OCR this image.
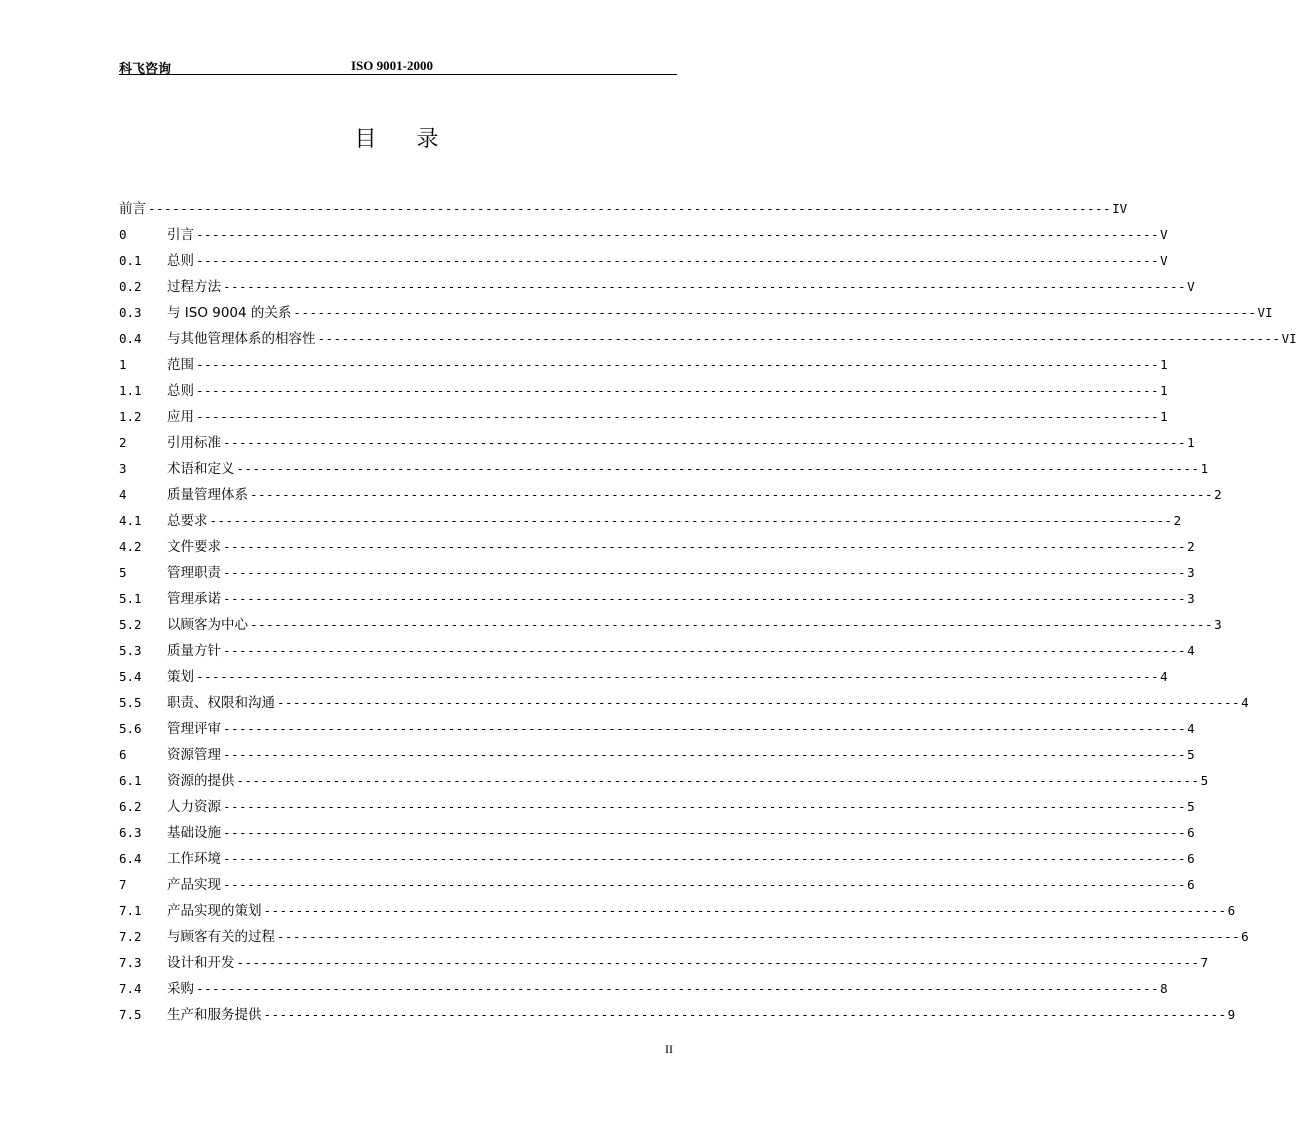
科飞咨询	ISO 9001-2000
目录
前言 ------------------------------------------------------------------------------------------------------------------------ IV
0	引言 ------------------------------------------------------------------------------------------------------------------------ V
0.1	总则 ------------------------------------------------------------------------------------------------------------------------ V
0.2	过程方法 ------------------------------------------------------------------------------------------------------------------------ V
0.3	与 ISO 9004 的关系 ------------------------------------------------------------------------------------------------------------------------ VI
0.4	与其他管理体系的相容性 ------------------------------------------------------------------------------------------------------------------------ VI
1	范围 ------------------------------------------------------------------------------------------------------------------------ 1
1.1	总则 ------------------------------------------------------------------------------------------------------------------------ 1
1.2	应用 ------------------------------------------------------------------------------------------------------------------------ 1
2	引用标准 ------------------------------------------------------------------------------------------------------------------------ 1
3	术语和定义 ------------------------------------------------------------------------------------------------------------------------ 1
4	质量管理体系 ------------------------------------------------------------------------------------------------------------------------ 2
4.1	总要求 ------------------------------------------------------------------------------------------------------------------------ 2
4.2	文件要求 ------------------------------------------------------------------------------------------------------------------------ 2
5	管理职责 ------------------------------------------------------------------------------------------------------------------------ 3
5.1	管理承诺 ------------------------------------------------------------------------------------------------------------------------ 3
5.2	以顾客为中心 ------------------------------------------------------------------------------------------------------------------------ 3
5.3	质量方针 ------------------------------------------------------------------------------------------------------------------------ 4
5.4	策划 ------------------------------------------------------------------------------------------------------------------------ 4
5.5	职责、权限和沟通 ------------------------------------------------------------------------------------------------------------------------ 4
5.6	管理评审 ------------------------------------------------------------------------------------------------------------------------ 4
6	资源管理 ------------------------------------------------------------------------------------------------------------------------ 5
6.1	资源的提供 ------------------------------------------------------------------------------------------------------------------------ 5
6.2	人力资源 ------------------------------------------------------------------------------------------------------------------------ 5
6.3	基础设施 ------------------------------------------------------------------------------------------------------------------------ 6
6.4	工作环境 ------------------------------------------------------------------------------------------------------------------------ 6
7	产品实现 ------------------------------------------------------------------------------------------------------------------------ 6
7.1	产品实现的策划 ------------------------------------------------------------------------------------------------------------------------ 6
7.2	与顾客有关的过程 ------------------------------------------------------------------------------------------------------------------------ 6
7.3	设计和开发 ------------------------------------------------------------------------------------------------------------------------ 7
7.4	采购 ------------------------------------------------------------------------------------------------------------------------ 8
7.5	生产和服务提供 ------------------------------------------------------------------------------------------------------------------------ 9
II
